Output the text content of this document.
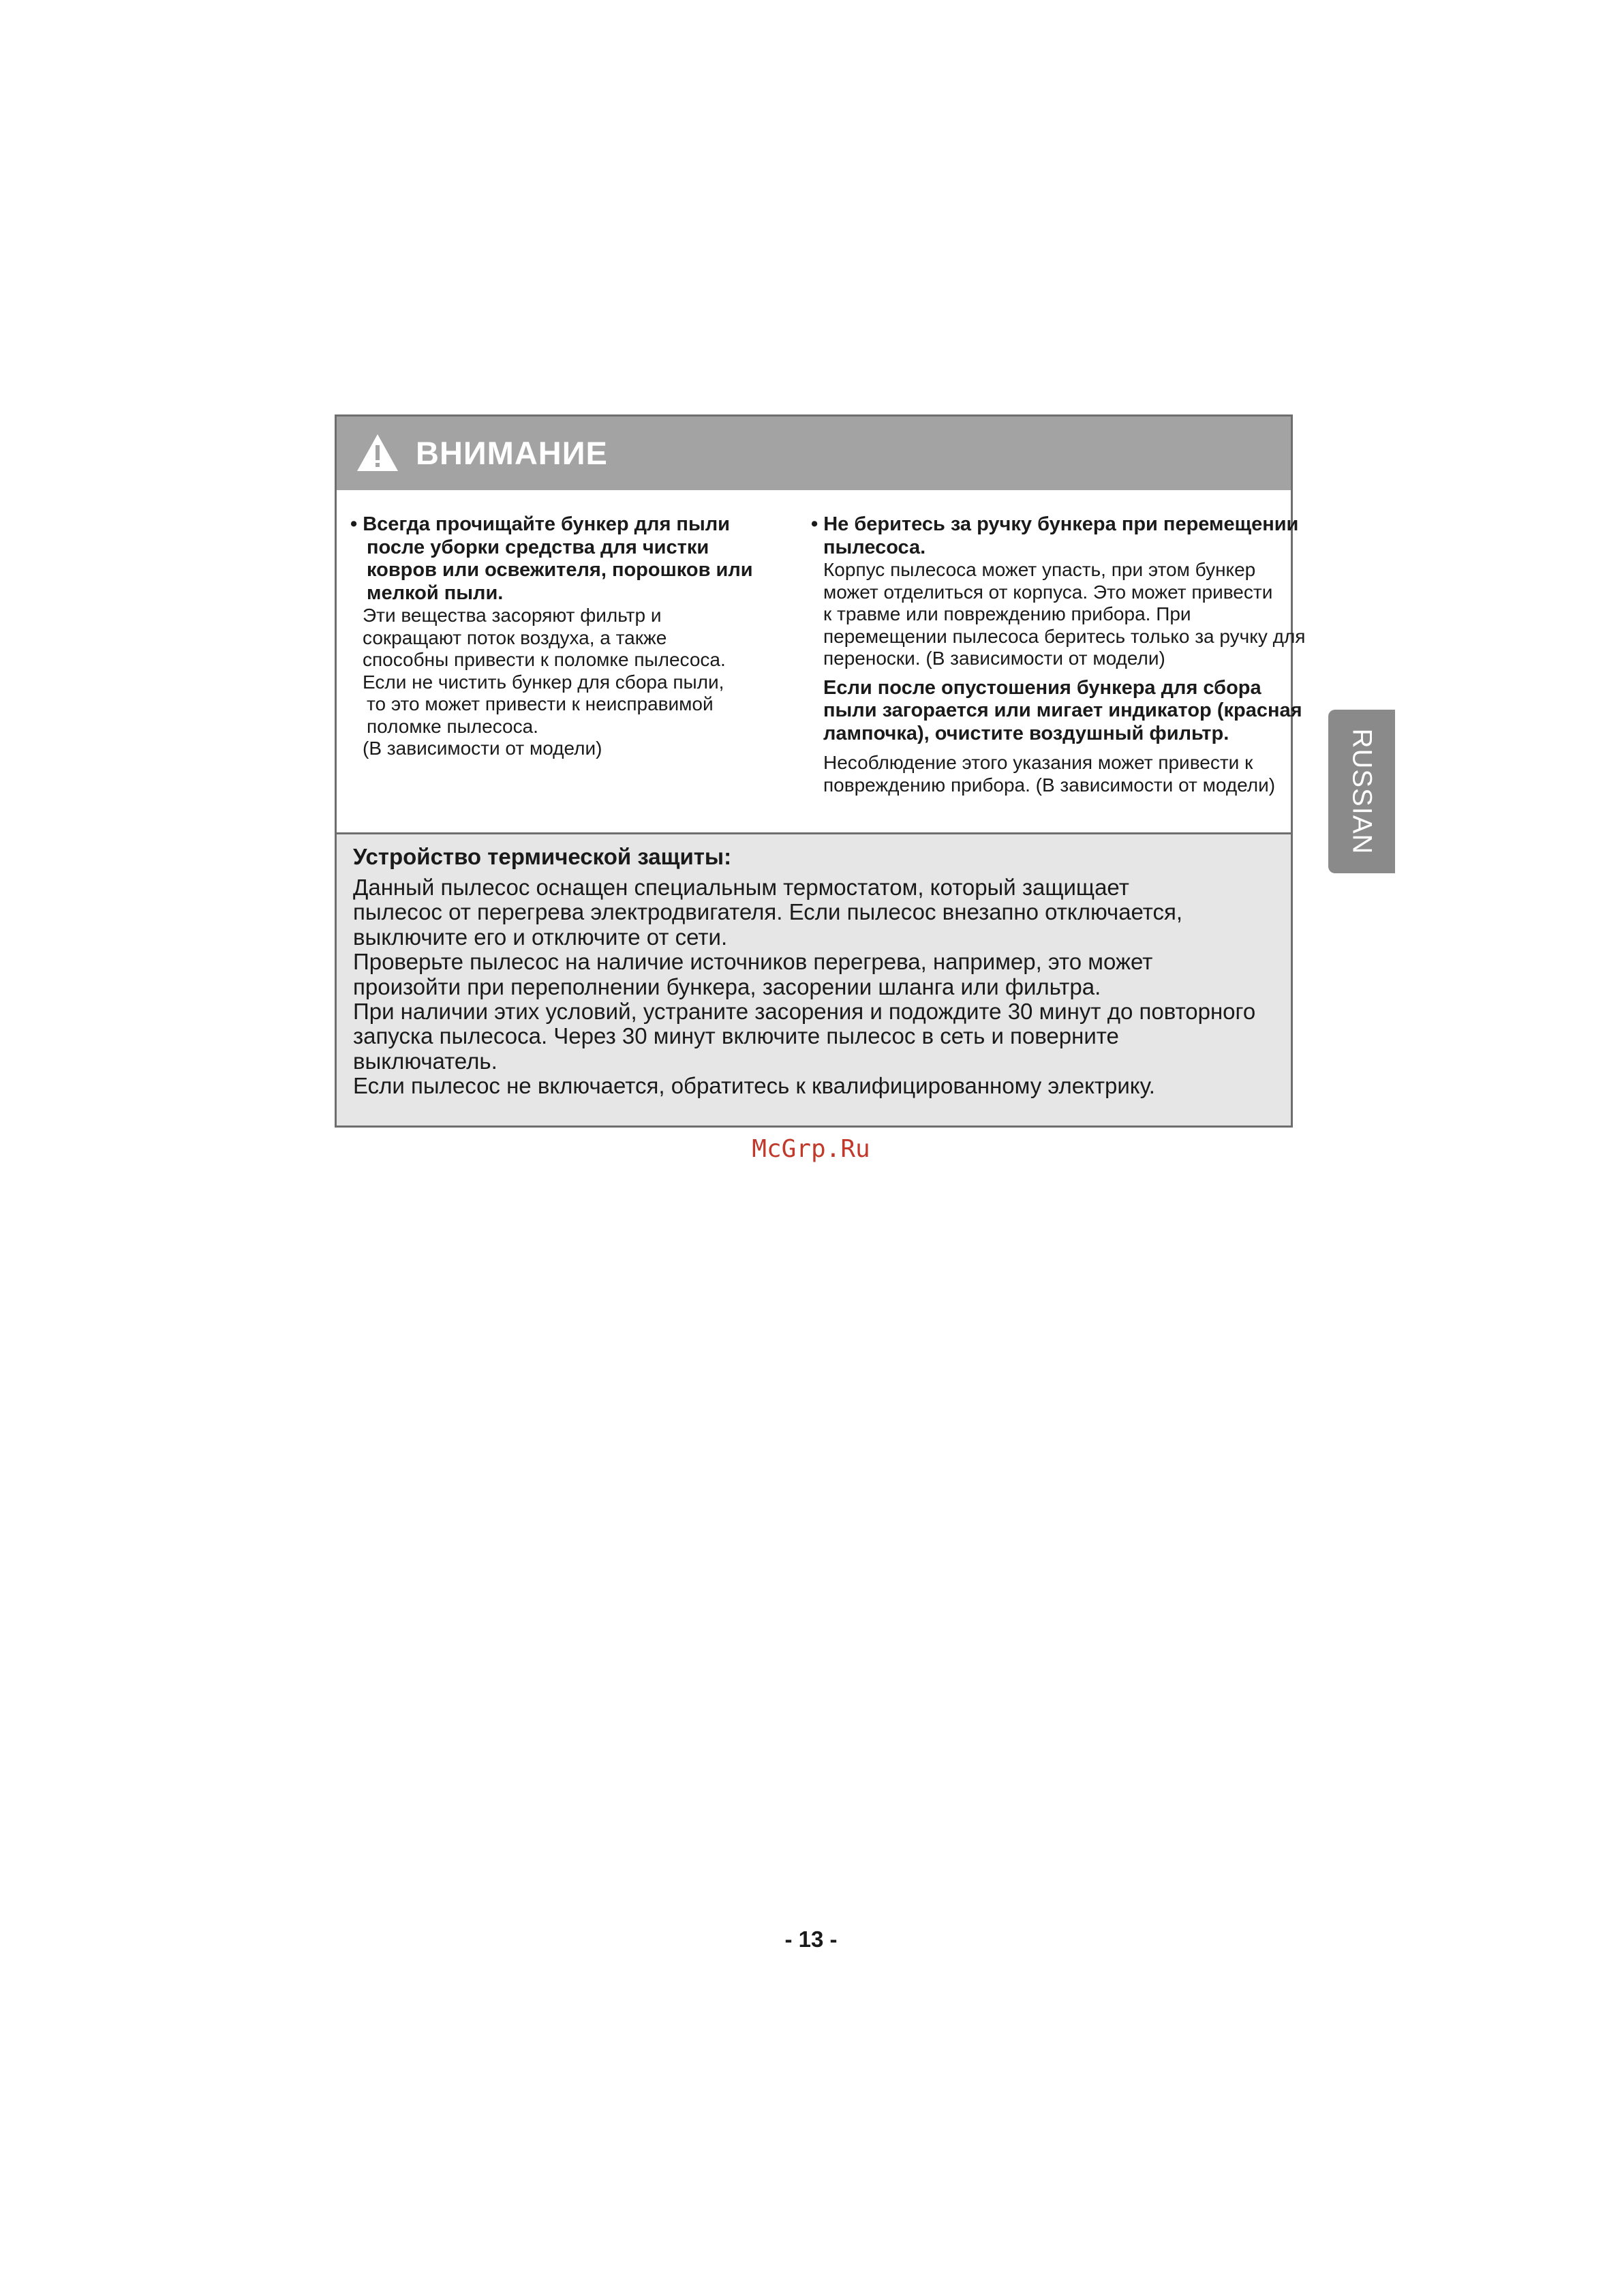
ВНИМАНИЕ
• Всегда прочищайте бункер для пыли
после уборки средства для чистки
ковров или освежителя, порошков или
мелкой пыли.
Эти вещества засоряют фильтр и
сокращают поток воздуха, а также
способны привести к поломке пылесоса.
Если не чистить бункер для сбора пыли,
то это может привести к неисправимой
поломке пылесоса.
(В зависимости от модели)
• Не беритесь за ручку бункера при перемещении
пылесоса.
Корпус пылесоса может упасть, при этом бункер
может отделиться от корпуса. Это может привести
к травме или повреждению прибора. При
перемещении пылесоса беритесь только за ручку для
переноски. (В зависимости от модели)
Если после опустошения бункера для сбора
пыли загорается или мигает индикатор (красная
лампочка), очистите воздушный фильтр.
Несоблюдение этого указания может привести к
повреждению прибора. (В зависимости от модели)
Устройство термической защиты:
Данный пылесос оснащен специальным термостатом, который защищает
пылесос от перегрева электродвигателя. Если пылесос внезапно отключается,
выключите его и отключите от сети.
Проверьте пылесос на наличие источников перегрева, например, это может
произойти при переполнении бункера, засорении шланга или фильтра.
При наличии этих условий, устраните засорения и подождите 30 минут до повторного
запуска пылесоса. Через 30 минут включите пылесос в сеть и поверните
выключатель.
Если пылесос не включается, обратитесь к квалифицированному электрику.
McGrp.Ru
RUSSIAN
- 13 -
